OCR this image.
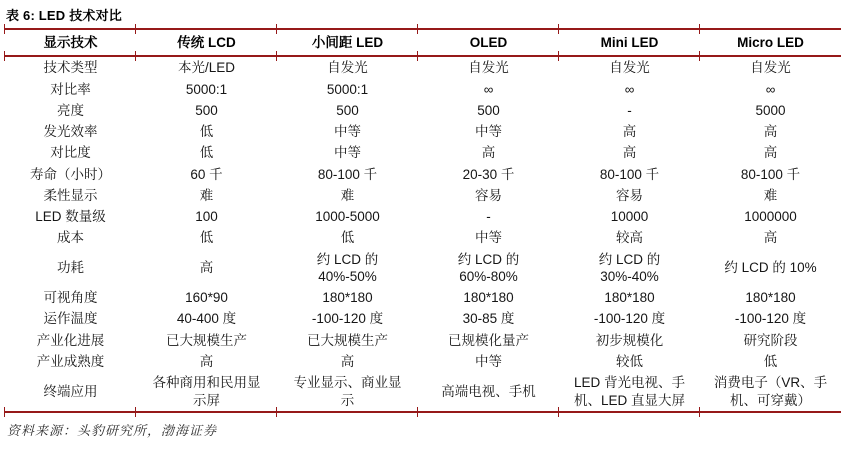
表 6: LED 技术对比
显示技术	传统 LCD	小间距 LED	OLED	Mini LED	Micro LED
技术类型	本光/LED	自发光	自发光	自发光	自发光
对比率	5000:1	5000:1	∞	∞	∞
亮度	500	500	500	-	5000
发光效率	低	中等	中等	高	高
对比度	低	中等	高	高	高
寿命（小时）	60 千	80-100 千	20-30 千	80-100 千	80-100 千
柔性显示	难	难	容易	容易	难
LED 数量级	100	1000-5000	-	10000	1000000
成本	低	低	中等	较高	高
功耗	高	约 LCD 的 40%-50%	约 LCD 的 60%-80%	约 LCD 的 30%-40%	约 LCD 的 10%
可视角度	160*90	180*180	180*180	180*180	180*180
运作温度	40-400 度	-100-120 度	30-85 度	-100-120 度	-100-120 度
产业化进展	已大规模生产	已大规模生产	已规模化量产	初步规模化	研究阶段
产业成熟度	高	高	中等	较低	低
终端应用	各种商用和民用显示屏	专业显示、商业显示	高端电视、手机	LED 背光电视、手机、LED 直显大屏	消费电子（VR、手机、可穿戴）
资料来源：头豹研究所，渤海证券
